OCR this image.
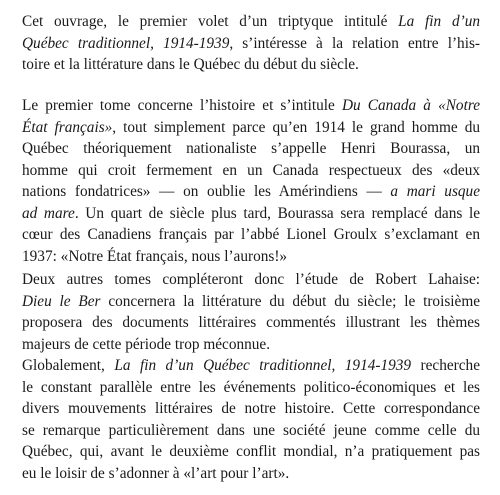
Cet ouvrage, le premier volet d’un triptyque intitulé La fin d’un
Québec traditionnel, 1914-1939, s’intéresse à la relation entre l’his-
toire et la littérature dans le Québec du début du siècle.
Le premier tome concerne l’histoire et s’intitule Du Canada à «Notre
État français», tout simplement parce qu’en 1914 le grand homme du
Québec théoriquement nationaliste s’appelle Henri Bourassa, un
homme qui croit fermement en un Canada respectueux des «deux
nations fondatrices» — on oublie les Amérindiens — a mari usque
ad mare. Un quart de siècle plus tard, Bourassa sera remplacé dans le
cœur des Canadiens français par l’abbé Lionel Groulx s’exclamant en
1937: «Notre État français, nous l’aurons!»
Deux autres tomes compléteront donc l’étude de Robert Lahaise:
Dieu le Ber concernera la littérature du début du siècle; le troisième
proposera des documents littéraires commentés illustrant les thèmes
majeurs de cette période trop méconnue.
Globalement, La fin d’un Québec traditionnel, 1914-1939 recherche
le constant parallèle entre les événements politico-économiques et les
divers mouvements littéraires de notre histoire. Cette correspondance
se remarque particulièrement dans une société jeune comme celle du
Québec, qui, avant le deuxième conflit mondial, n’a pratiquement pas
eu le loisir de s’adonner à «l’art pour l’art».
